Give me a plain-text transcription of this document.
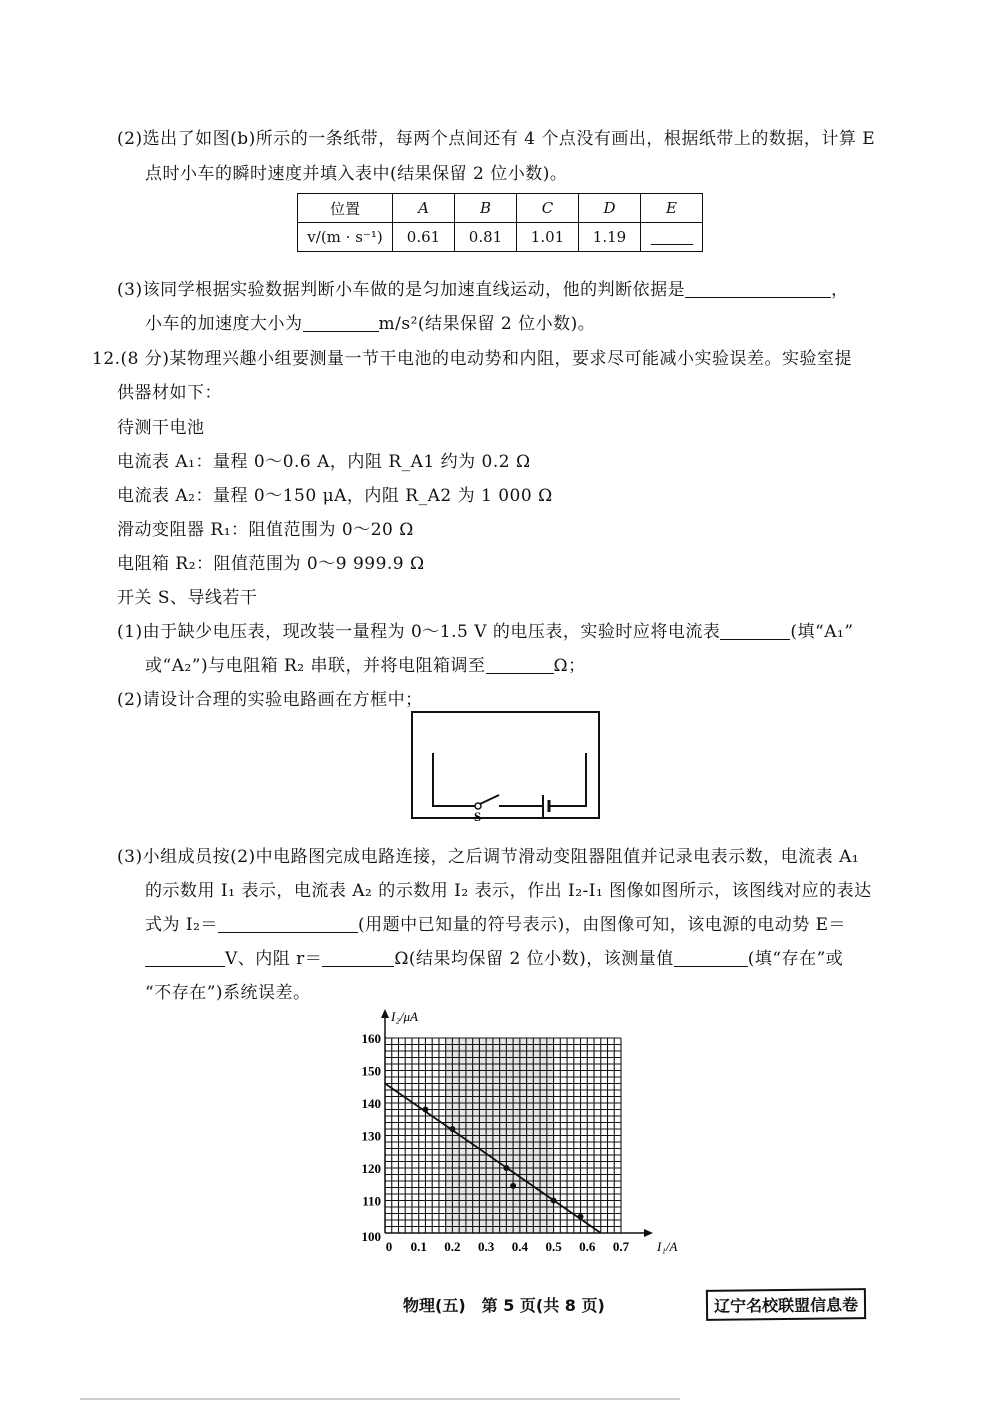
(2)选出了如图(b)所示的一条纸带，每两个点间还有 4 个点没有画出，根据纸带上的数据，计算 E
点时小车的瞬时速度并填入表中(结果保留 2 位小数)。
位置	A	B	C	D	E
v/(m · s⁻¹)	0.61	0.81	1.01	1.19	
(3)该同学根据实验数据判断小车做的是匀加速直线运动，他的判断依据是	，
小车的加速度大小为	m/s²(结果保留 2 位小数)。
12.(8 分)某物理兴趣小组要测量一节干电池的电动势和内阻，要求尽可能减小实验误差。实验室提
供器材如下：
待测干电池
电流表 A₁：量程 0～0.6 A，内阻 R_A1 约为 0.2 Ω
电流表 A₂：量程 0～150 μA，内阻 R_A2 为 1 000 Ω
滑动变阻器 R₁：阻值范围为 0～20 Ω
电阻箱 R₂：阻值范围为 0～9 999.9 Ω
开关 S、导线若干
(1)由于缺少电压表，现改装一量程为 0～1.5 V 的电压表，实验时应将电流表	(填“A₁”
或“A₂”)与电阻箱 R₂ 串联，并将电阻箱调至	Ω；
(2)请设计合理的实验电路画在方框中；
S
(3)小组成员按(2)中电路图完成电路连接，之后调节滑动变阻器阻值并记录电表示数，电流表 A₁
的示数用 I₁ 表示，电流表 A₂ 的示数用 I₂ 表示，作出 I₂-I₁ 图像如图所示，该图线对应的表达
式为 I₂＝	(用题中已知量的符号表示)，由图像可知，该电源的电动势 E＝
V、内阻 r＝	Ω(结果均保留 2 位小数)，该测量值	(填“存在”或
“不存在”)系统误差。
0 0.1 0.2 0.3 0.4 0.5 0.6 0.7
100
110
120
130
140
150
160
I₁/A
I₂/μA
物理(五)　第 5 页(共 8 页)	辽宁名校联盟信息卷
